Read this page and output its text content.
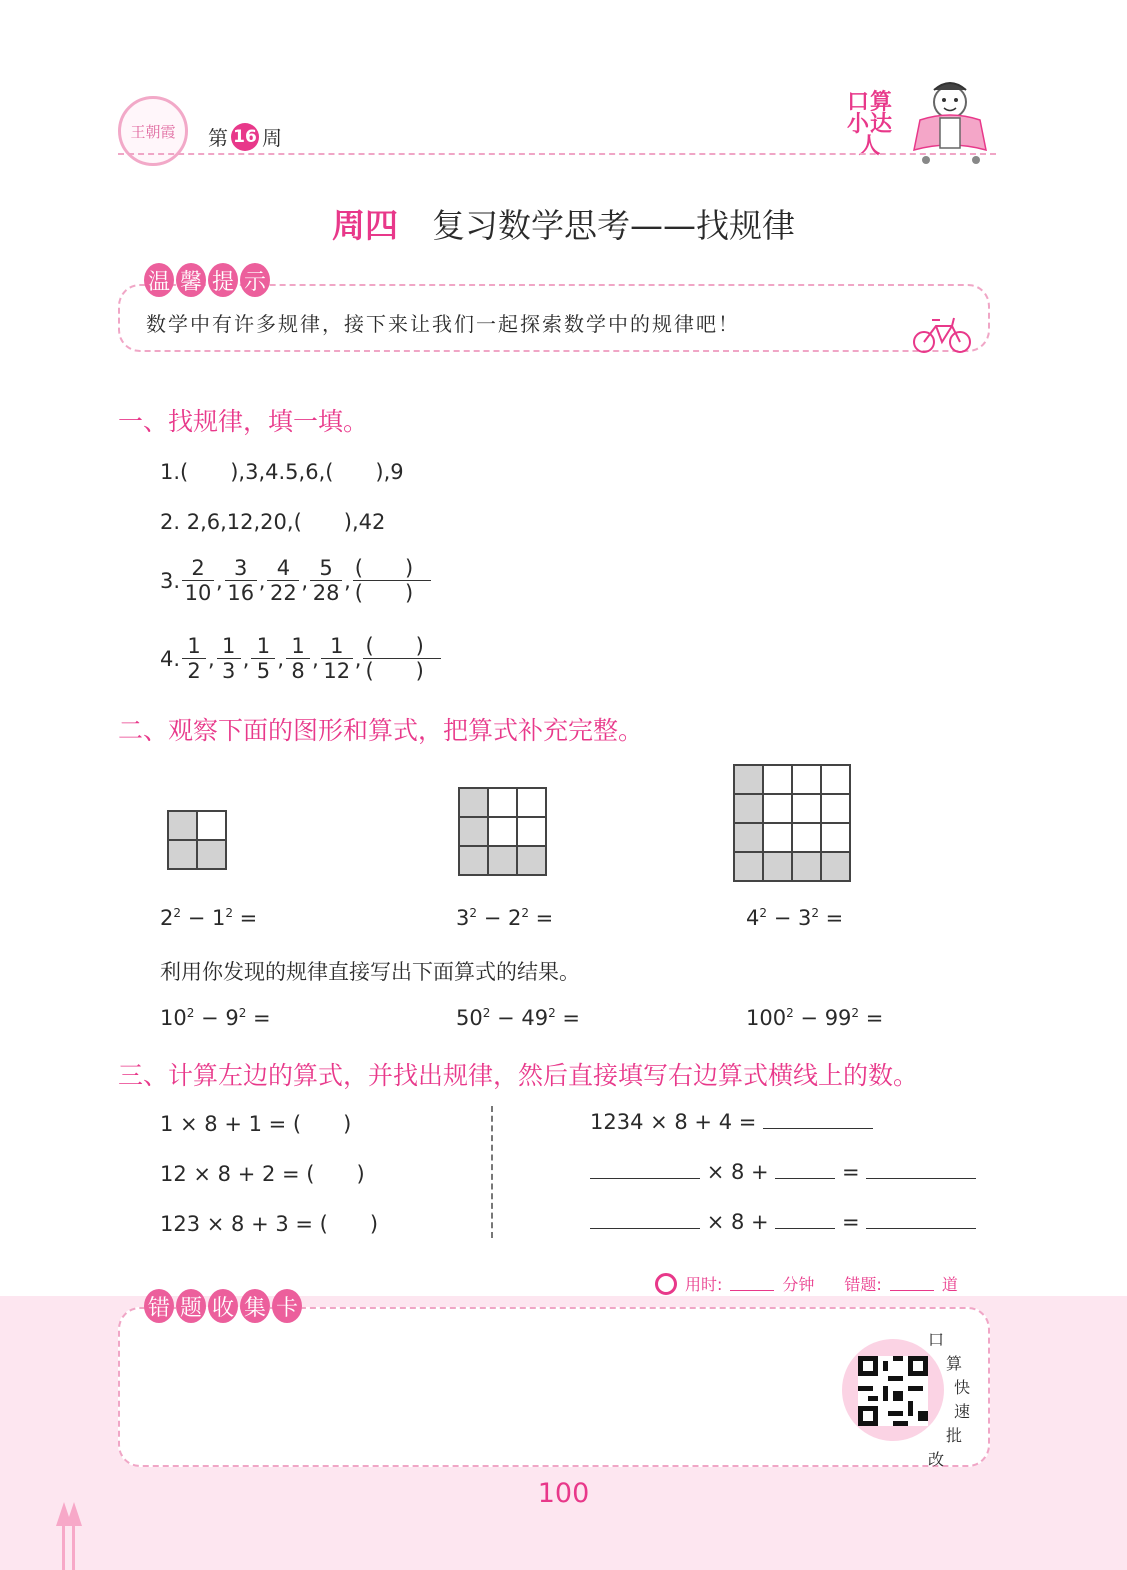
王朝霞	第 16 周
口算小达人
周四 复习数学思考——找规律
温 馨 提 示
数学中有许多规律，接下来让我们一起探索数学中的规律吧！
一、找规律，填一填。
1.(　　),3,4.5,6,(　　),9
2. 2,6,12,20,(　　),42
3. $\frac{2}{10}$ , $\frac{3}{16}$ , $\frac{4}{22}$ , $\frac{5}{28}$ , $\frac{( )}{( )}$
4. $\frac{1}{2}$ , $\frac{1}{3}$ , $\frac{1}{5}$ , $\frac{1}{8}$ , $\frac{1}{12}$ , $\frac{( )}{( )}$
二、观察下面的图形和算式，把算式补充完整。
$2^2 - 1^2$ =	$3^2 - 2^2$ =	$4^2 - 3^2$ =
利用你发现的规律直接写出下面算式的结果。
$10^2 - 9^2$ =	$50^2 - 49^2$ =	$100^2 - 99^2$ =
三、计算左边的算式，并找出规律，然后直接填写右边算式横线上的数。
1 × 8 + 1 = (　　)
12 × 8 + 2 = (　　)
123 × 8 + 3 = (　　)
1234 × 8 + 4 =
× 8 +	=
× 8 +	=
用时:	分钟 错题:	道
错 题 收 集 卡
口
算
快
速
批
改
100
